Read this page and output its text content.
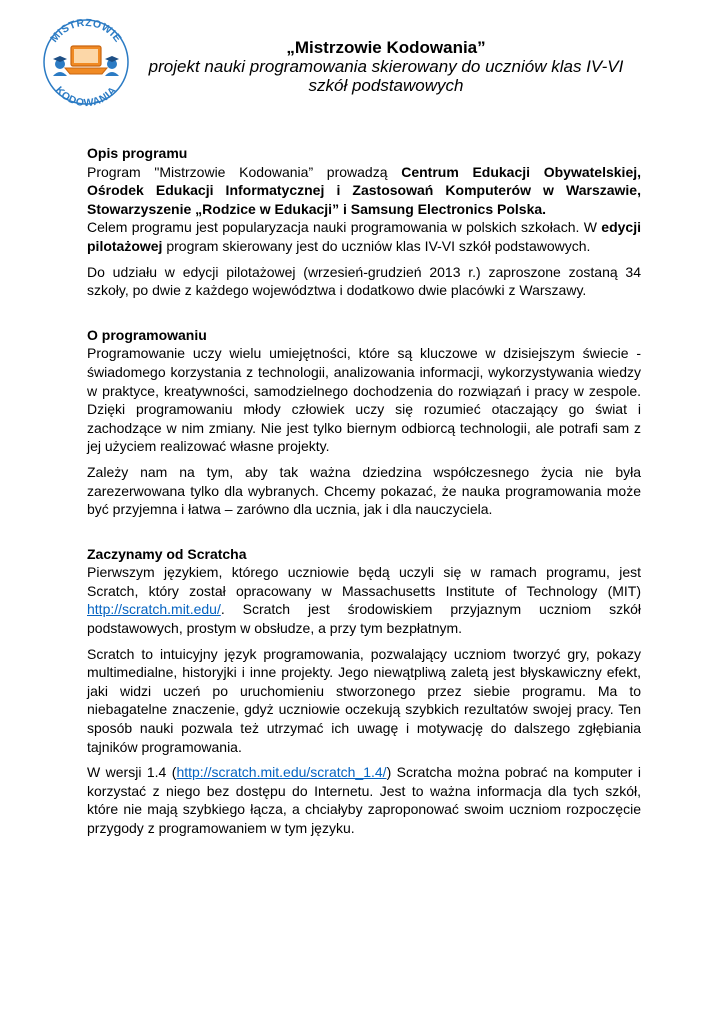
MISTRZOWIE
KODOWANIA
„Mistrzowie Kodowania”
projekt nauki programowania skierowany do uczniów klas IV-VI
szkół podstawowych
Opis programu

Program "Mistrzowie Kodowania” prowadzą Centrum Edukacji Obywatelskiej, Ośrodek Edukacji Informatycznej i Zastosowań Komputerów w Warszawie, Stowarzyszenie „Rodzice w Edukacji” i Samsung Electronics Polska.
Celem programu jest popularyzacja nauki programowania w polskich szkołach. W edycji pilotażowej program skierowany jest do uczniów klas IV-VI szkół podstawowych.

Do udziału w edycji pilotażowej (wrzesień-grudzień 2013 r.) zaproszone zostaną 34 szkoły, po dwie z każdego województwa i dodatkowo dwie placówki z Warszawy.

O programowaniu

Programowanie uczy wielu umiejętności, które są kluczowe w dzisiejszym świecie - świadomego korzystania z technologii, analizowania informacji, wykorzystywania wiedzy w praktyce, kreatywności, samodzielnego dochodzenia do rozwiązań i pracy w zespole. Dzięki programowaniu młody człowiek uczy się rozumieć otaczający go świat i zachodzące w nim zmiany. Nie jest tylko biernym odbiorcą technologii, ale potrafi sam z jej użyciem realizować własne projekty.

Zależy nam na tym, aby tak ważna dziedzina współczesnego życia nie była zarezerwowana tylko dla wybranych. Chcemy pokazać, że nauka programowania może być przyjemna i łatwa – zarówno dla ucznia, jak i dla nauczyciela.

Zaczynamy od Scratcha

Pierwszym językiem, którego uczniowie będą uczyli się w ramach programu, jest Scratch, który został opracowany w Massachusetts Institute of Technology (MIT) http://scratch.mit.edu/. Scratch jest środowiskiem przyjaznym uczniom szkół podstawowych, prostym w obsłudze, a przy tym bezpłatnym.

Scratch to intuicyjny język programowania, pozwalający uczniom tworzyć gry, pokazy multimedialne, historyjki i inne projekty. Jego niewątpliwą zaletą jest błyskawiczny efekt, jaki widzi uczeń po uruchomieniu stworzonego przez siebie programu. Ma to niebagatelne znaczenie, gdyż uczniowie oczekują szybkich rezultatów swojej pracy. Ten sposób nauki pozwala też utrzymać ich uwagę i motywację do dalszego zgłębiania tajników programowania.

W wersji 1.4 (http://scratch.mit.edu/scratch_1.4/) Scratcha można pobrać na komputer i korzystać z niego bez dostępu do Internetu. Jest to ważna informacja dla tych szkół, które nie mają szybkiego łącza, a chciałyby zaproponować swoim uczniom rozpoczęcie przygody z programowaniem w tym języku.
